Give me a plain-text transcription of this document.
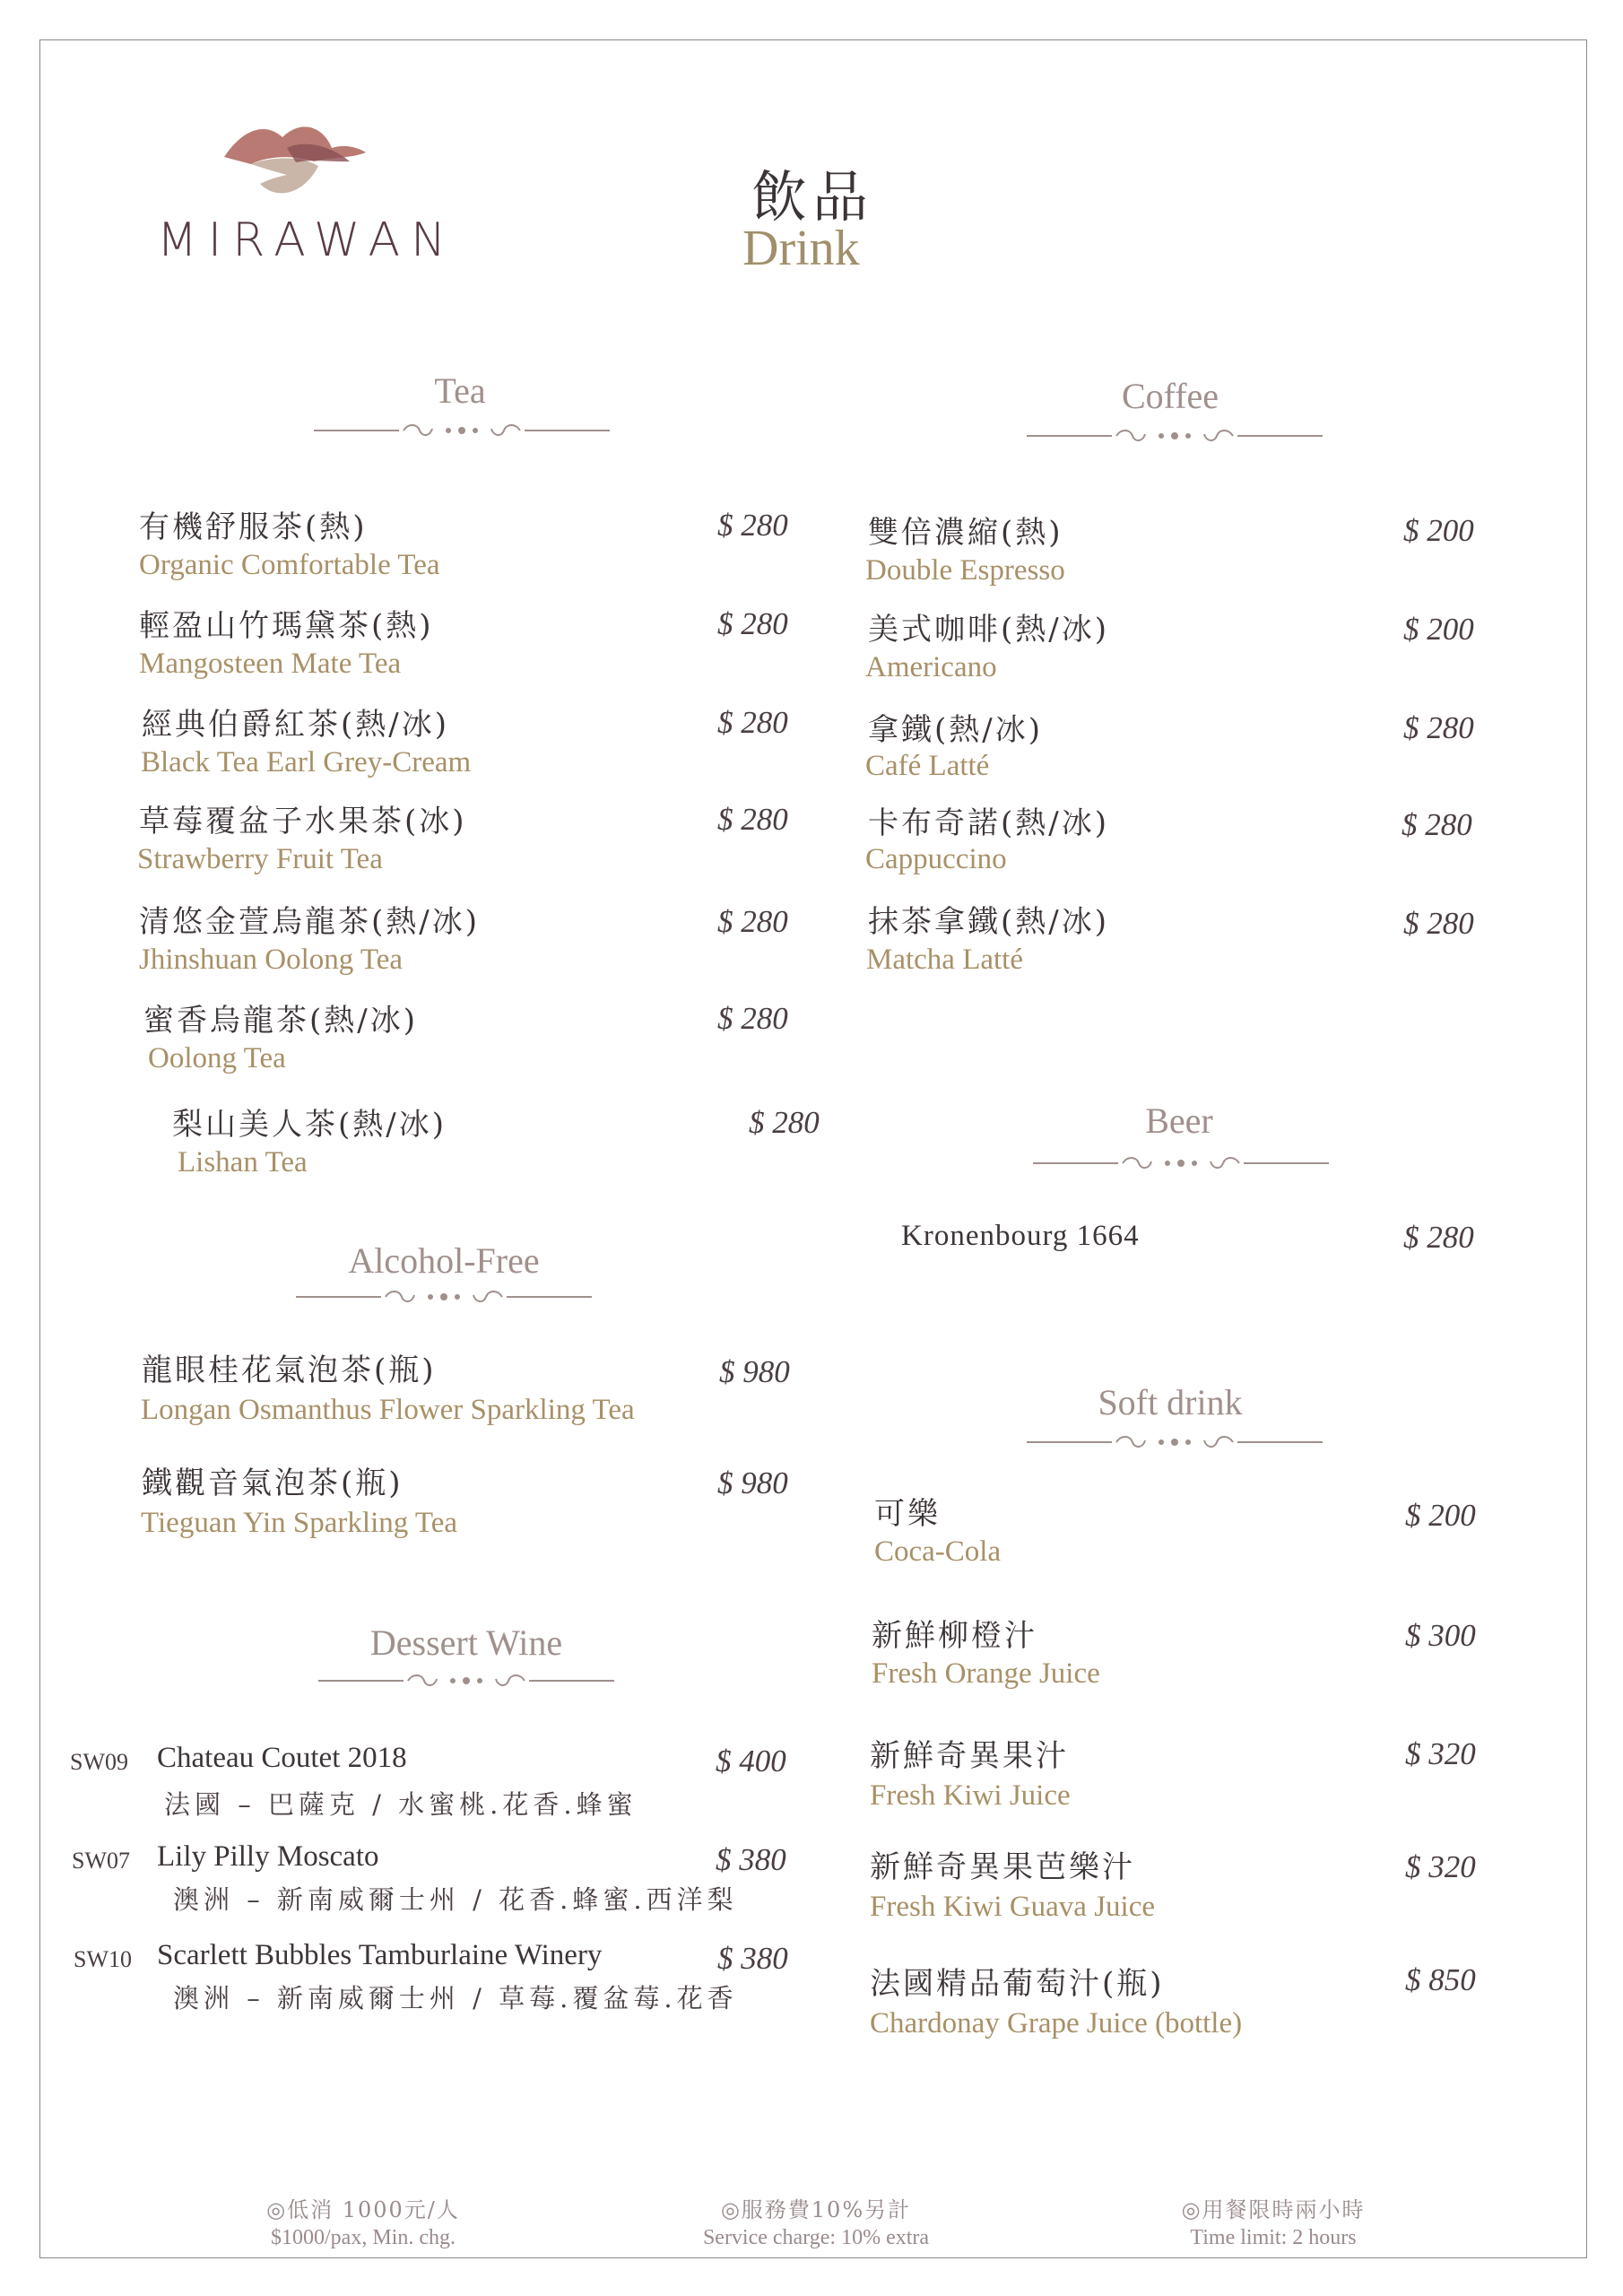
MIRAWAN
飲品
Drink
Tea
有機舒服茶(熱)
Organic Comfortable Tea
$ 280
輕盈山竹瑪黛茶(熱)
Mangosteen Mate Tea
$ 280
經典伯爵紅茶(熱/冰)
Black Tea Earl Grey-Cream
$ 280
草莓覆盆子水果茶(冰)
Strawberry Fruit Tea
$ 280
清悠金萱烏龍茶(熱/冰)
Jhinshuan Oolong Tea
$ 280
蜜香烏龍茶(熱/冰)
Oolong Tea
$ 280
梨山美人茶(熱/冰)
Lishan Tea
$ 280
Coffee
雙倍濃縮(熱)
Double Espresso
$ 200
美式咖啡(熱/冰)
Americano
$ 200
拿鐵(熱/冰)
Café Latté
$ 280
卡布奇諾(熱/冰)
Cappuccino
$ 280
抹茶拿鐵(熱/冰)
Matcha Latté
$ 280
Beer
Kronenbourg 1664	$ 280
Alcohol-Free
龍眼桂花氣泡茶(瓶)
Longan Osmanthus Flower Sparkling Tea
$ 980
鐵觀音氣泡茶(瓶)
Tieguan Yin Sparkling Tea
$ 980
Soft drink
可樂
Coca-Cola
$ 200
新鮮柳橙汁
Fresh Orange Juice
$ 300
新鮮奇異果汁
Fresh Kiwi Juice
$ 320
新鮮奇異果芭樂汁
Fresh Kiwi Guava Juice
$ 320
法國精品葡萄汁(瓶)
Chardonay Grape Juice (bottle)
$ 850
Dessert Wine
SW09 Chateau Coutet 2018	$ 400
法國 – 巴薩克 / 水蜜桃.花香.蜂蜜
SW07 Lily Pilly Moscato	$ 380
澳洲 – 新南威爾士州 / 花香.蜂蜜.西洋梨
SW10 Scarlett Bubbles Tamburlaine Winery	$ 380
澳洲 – 新南威爾士州 / 草莓.覆盆莓.花香
◎低消 1000元/人
$1000/pax, Min. chg.
◎服務費10%另計
Service charge: 10% extra
◎用餐限時兩小時
Time limit: 2 hours
